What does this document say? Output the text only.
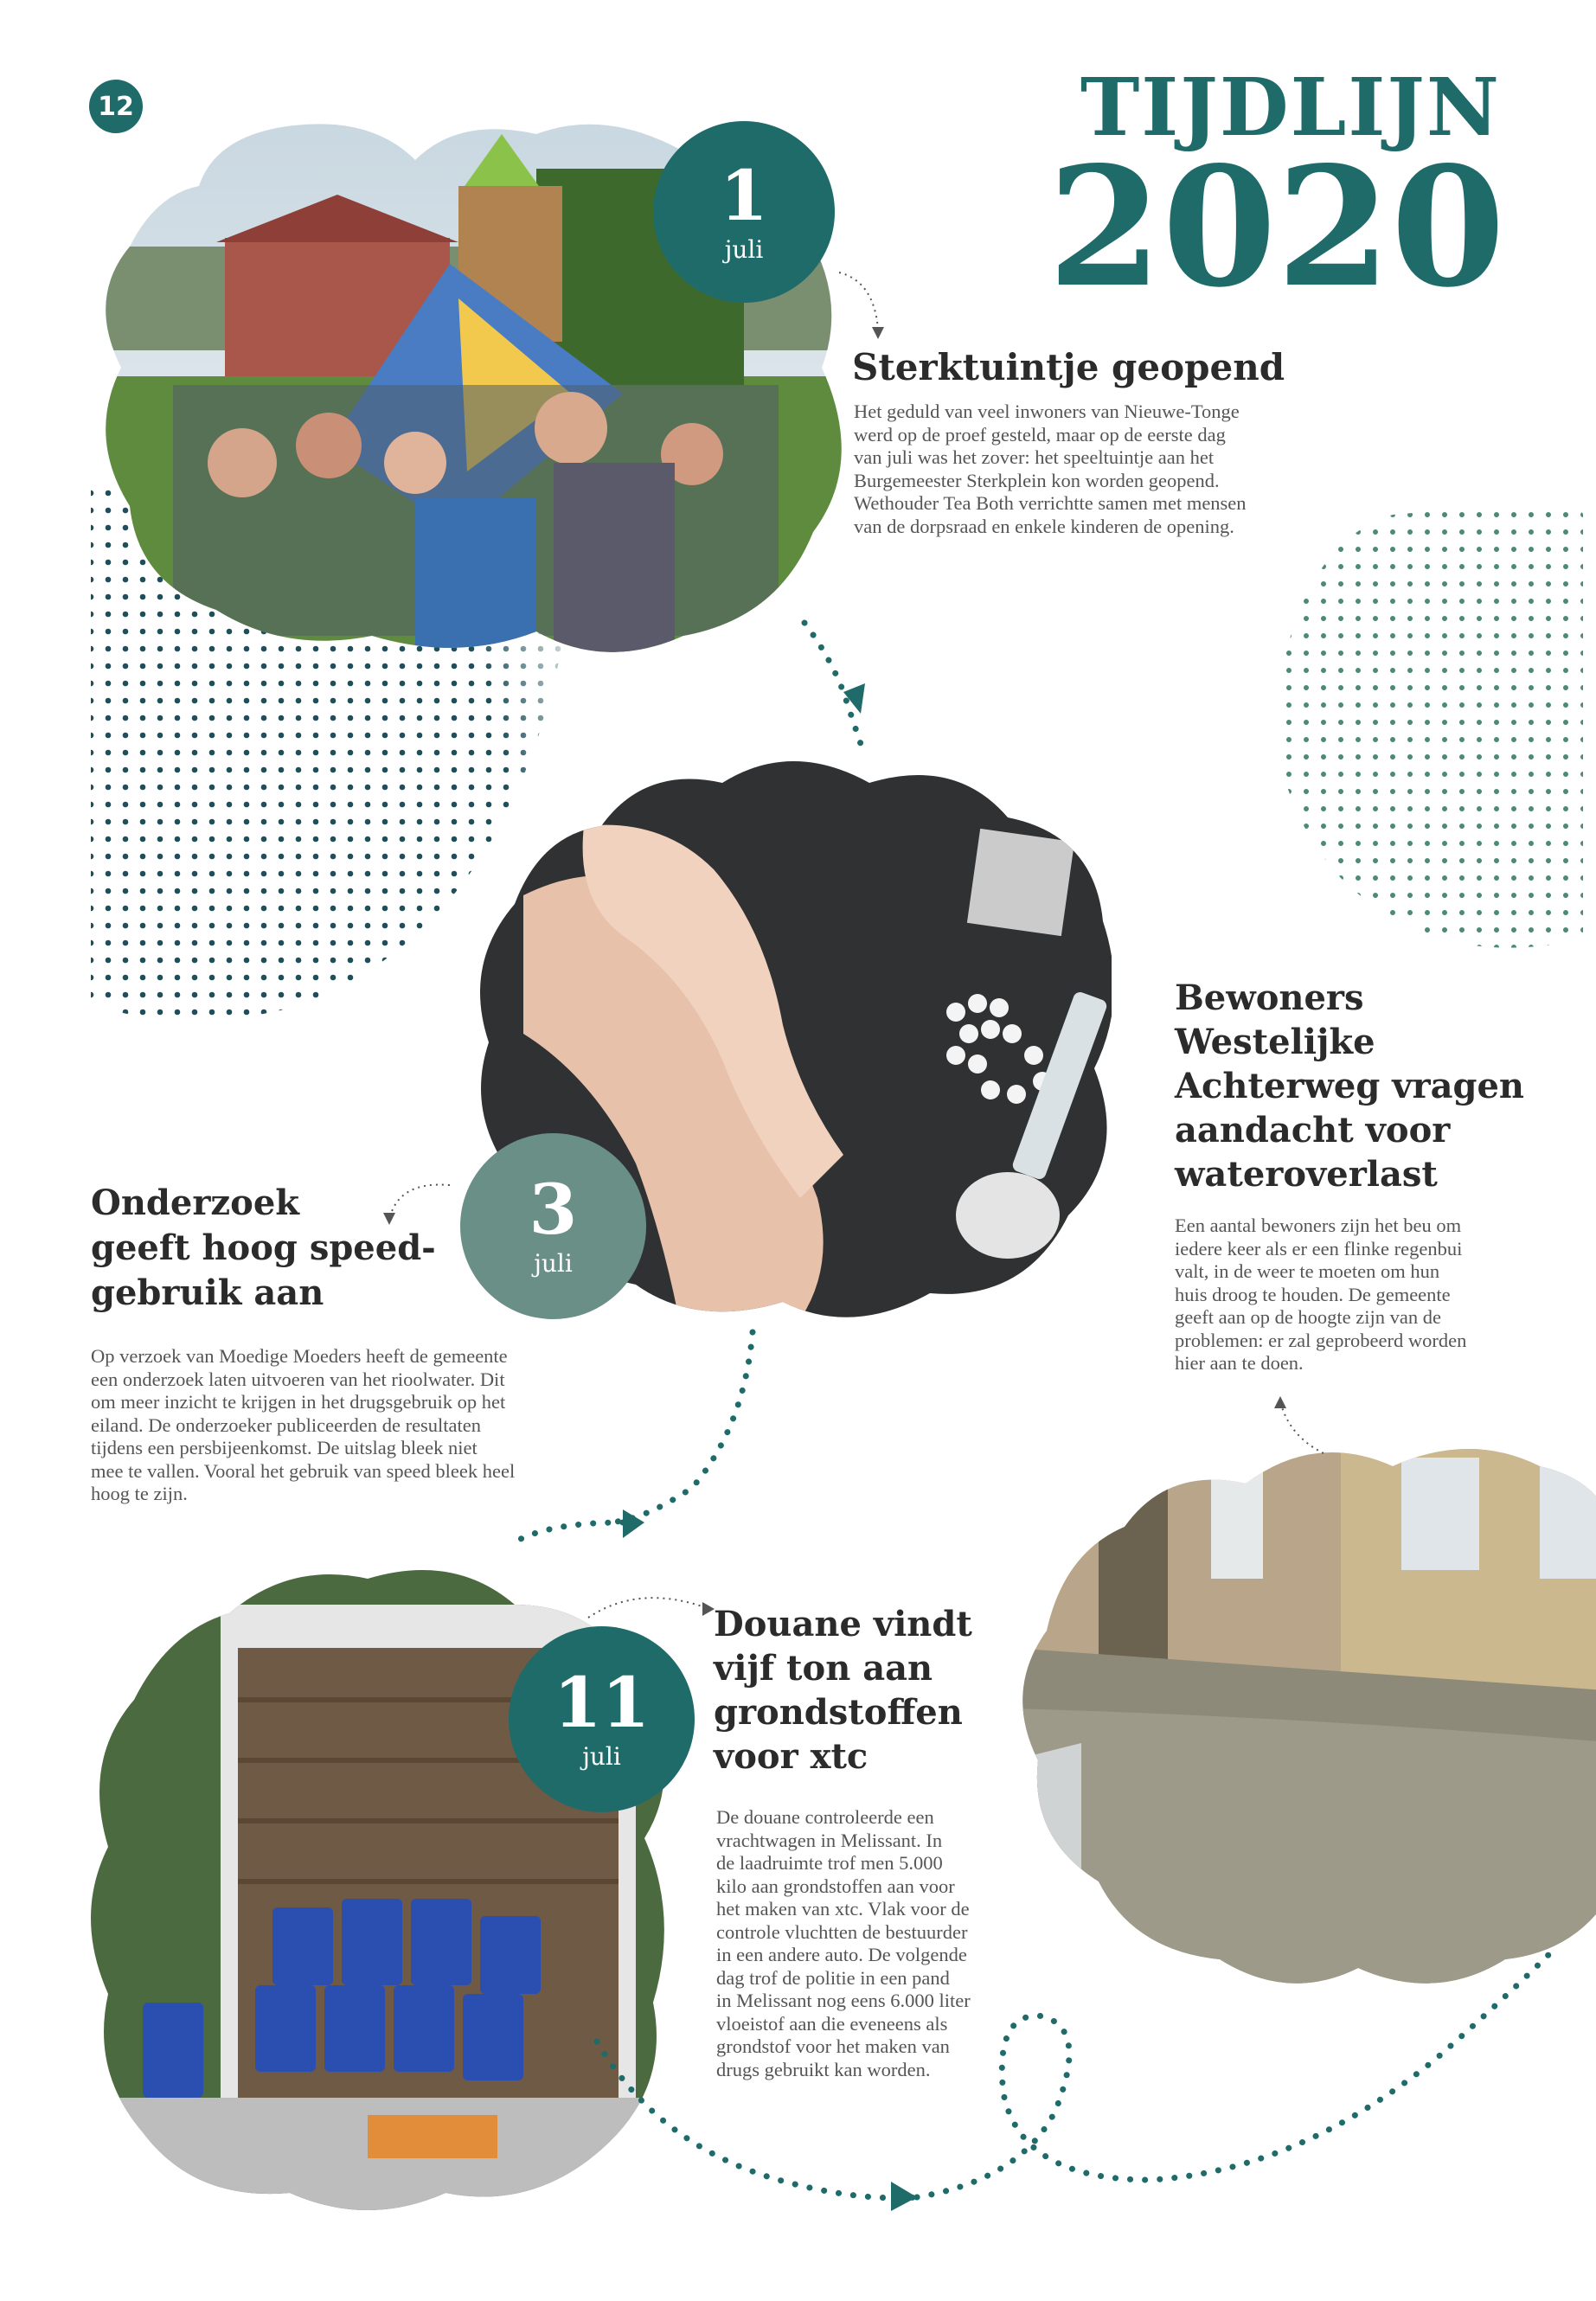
12	TIJDLIJN
2020
1
juli
Sterktuintje geopend
Het geduld van veel inwoners van Nieuwe-Tonge
werd op de proef gesteld, maar op de eerste dag
van juli was het zover: het speeltuintje aan het
Burgemeester Sterkplein kon worden geopend.
Wethouder Tea Both verrichtte samen met mensen
van de dorpsraad en enkele kinderen de opening.
Bewoners
Westelijke
Achterweg vragen
aandacht voor
wateroverlast
Een aantal bewoners zijn het beu om
iedere keer als er een flinke regenbui
valt, in de weer te moeten om hun
huis droog te houden. De gemeente
geeft aan op de hoogte zijn van de
problemen: er zal geprobeerd worden
hier aan te doen.
3
juli
Onderzoek
geeft hoog speed-
gebruik aan
Op verzoek van Moedige Moeders heeft de gemeente
een onderzoek laten uitvoeren van het rioolwater. Dit
om meer inzicht te krijgen in het drugsgebruik op het
eiland. De onderzoeker publiceerden de resultaten
tijdens een persbijeenkomst. De uitslag bleek niet
mee te vallen. Vooral het gebruik van speed bleek heel
hoog te zijn.
11
juli
Douane vindt
vijf ton aan
grondstoffen
voor xtc
De douane controleerde een
vrachtwagen in Melissant. In
de laadruimte trof men 5.000
kilo aan grondstoffen aan voor
het maken van xtc. Vlak voor de
controle vluchtten de bestuurder
in een andere auto. De volgende
dag trof de politie in een pand
in Melissant nog eens 6.000 liter
vloeistof aan die eveneens als
grondstof voor het maken van
drugs gebruikt kan worden.
